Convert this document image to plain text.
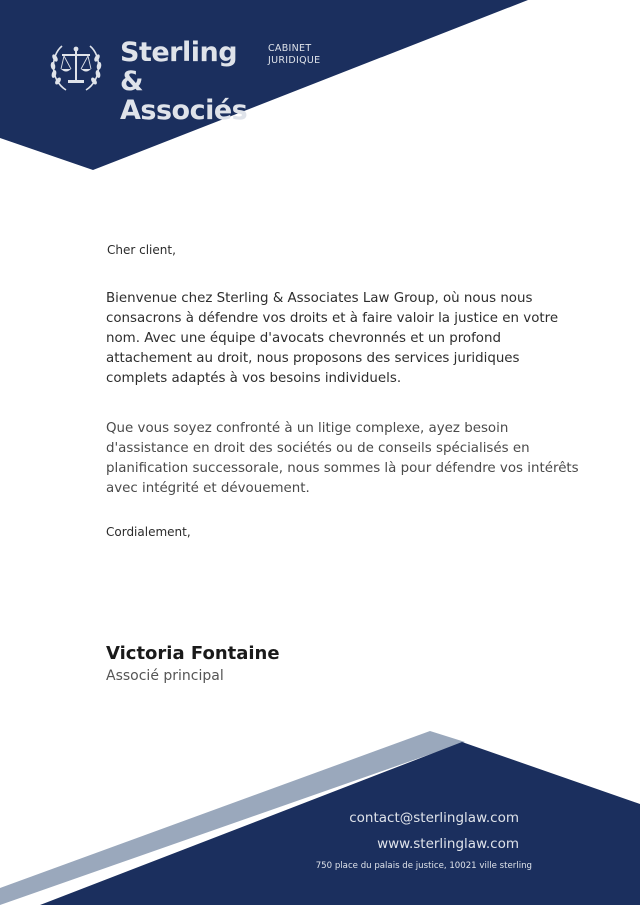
Sterling & Associés
CABINET
JURIDIQUE
Cher client,
Bienvenue chez Sterling & Associates Law Group, où nous nous consacrons à défendre vos droits et à faire valoir la justice en votre nom. Avec une équipe d'avocats chevronnés et un profond attachement au droit, nous proposons des services juridiques complets adaptés à vos besoins individuels.
Que vous soyez confronté à un litige complexe, ayez besoin d'assistance en droit des sociétés ou de conseils spécialisés en planification successorale, nous sommes là pour défendre vos intérêts avec intégrité et dévouement.
Cordialement,
Victoria Fontaine
Associé principal
contact@sterlinglaw.com
www.sterlinglaw.com
750 place du palais de justice, 10021 ville sterling
